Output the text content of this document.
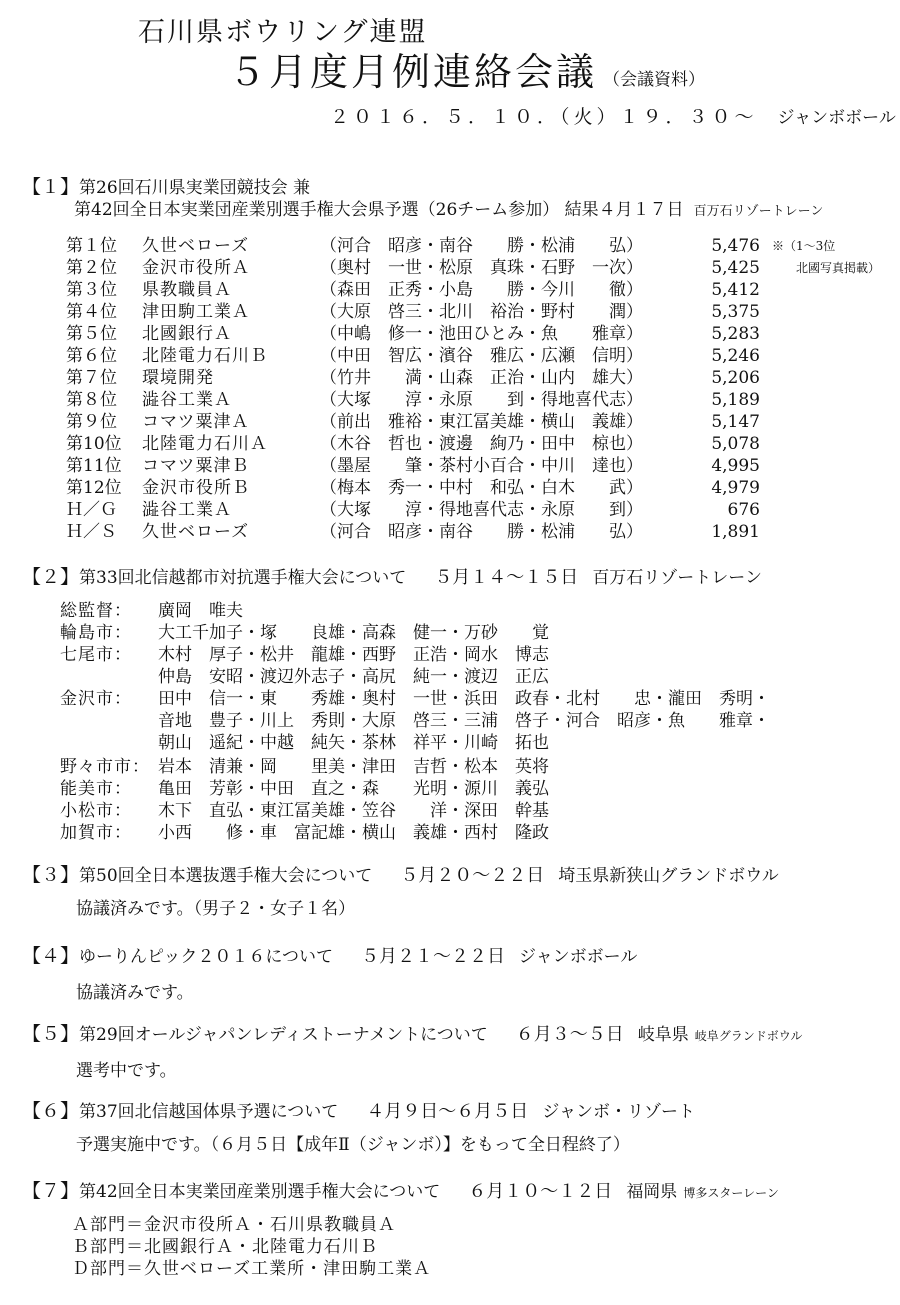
石川県ボウリング連盟
５月度月例連絡会議 （会議資料）
２０１６．５．１０．（火）１９．３０～ ジャンボボール
【１】第26回石川県実業団競技会 兼
第42回全日本実業団産業別選手権大会県予選（26チーム参加） 結果４月１７日 百万石リゾートレーン
第１位	久世ベローズ	（河合　昭彦・南谷　　勝・松浦　　弘）	5,476 ※（1～3位
第２位	金沢市役所Ａ	（奥村　一世・松原　真珠・石野　一次）	5,425	北國写真掲載）
第３位	県教職員Ａ	（森田　正秀・小島　　勝・今川　　徹）	5,412
第４位	津田駒工業Ａ	（大原　啓三・北川　裕治・野村　　潤）	5,375
第５位	北國銀行Ａ	（中嶋　修一・池田ひとみ・魚　　雅章）	5,283
第６位	北陸電力石川Ｂ	（中田　智広・濱谷　雅広・広瀬　信明）	5,246
第７位	環境開発	（竹井　　満・山森　正治・山内　雄大）	5,206
第８位	澁谷工業Ａ	（大塚　　淳・永原　　到・得地喜代志）	5,189
第９位	コマツ粟津Ａ	（前出　雅裕・東江冨美雄・横山　義雄）	5,147
第10位	北陸電力石川Ａ	（木谷　哲也・渡邊　絢乃・田中　椋也）	5,078
第11位	コマツ粟津Ｂ	（墨屋　　肇・茶村小百合・中川　達也）	4,995
第12位	金沢市役所Ｂ	（梅本　秀一・中村　和弘・白木　　武）	4,979
Ｈ／Ｇ	澁谷工業Ａ	（大塚　　淳・得地喜代志・永原　　到）	676
Ｈ／Ｓ	久世ベローズ	（河合　昭彦・南谷　　勝・松浦　　弘）	1,891
【２】第33回北信越都市対抗選手権大会について ５月１４～１５日 百万石リゾートレーン
総監督：	廣岡　唯夫
輪島市：	大工千加子・塚　　良雄・高森　健一・万砂　　覚
七尾市：	木村　厚子・松井　龍雄・西野　正浩・岡水　博志
仲島　安昭・渡辺外志子・高尻　純一・渡辺　正広
金沢市：	田中　信一・東　　秀雄・奥村　一世・浜田　政春・北村　　忠・瀧田　秀明・
音地　豊子・川上　秀則・大原　啓三・三浦　啓子・河合　昭彦・魚　　雅章・
朝山　遥紀・中越　純矢・茶林　祥平・川崎　拓也
野々市市： 岩本　清兼・岡　　里美・津田　吉哲・松本　英将
能美市：	亀田　芳彰・中田　直之・森　　光明・源川　義弘
小松市：	木下　直弘・東江冨美雄・笠谷　　洋・深田　幹基
加賀市：	小西　　修・車　富記雄・横山　義雄・西村　隆政
【３】第50回全日本選抜選手権大会について ５月２０～２２日 埼玉県新狭山グランドボウル
協議済みです。（男子２・女子１名）
【４】ゆーりんピック２０１６について ５月２１～２２日 ジャンボボール
協議済みです。
【５】第29回オールジャパンレディストーナメントについて ６月３～５日 岐阜県 岐阜グランドボウル
選考中です。
【６】第37回北信越国体県予選について ４月９日～６月５日 ジャンボ・リゾート
予選実施中です。（６月５日【成年Ⅱ（ジャンボ）】をもって全日程終了）
【７】第42回全日本実業団産業別選手権大会について ６月１０～１２日 福岡県 博多スターレーン
Ａ部門＝金沢市役所Ａ・石川県教職員Ａ
Ｂ部門＝北國銀行Ａ・北陸電力石川Ｂ
Ｄ部門＝久世ベローズ工業所・津田駒工業Ａ
